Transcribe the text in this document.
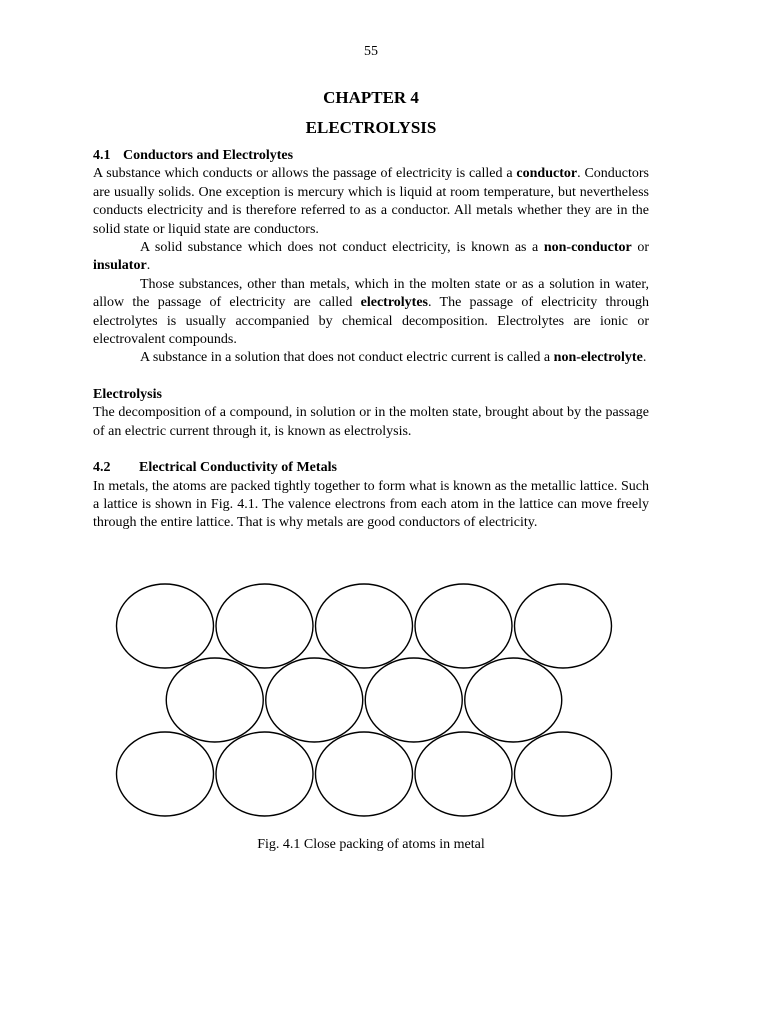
55
CHAPTER 4
ELECTROLYSIS

4.1 Conductors and Electrolytes

A substance which conducts or allows the passage of electricity is called a conductor. Conductors are usually solids. One exception is mercury which is liquid at room temperature, but nevertheless conducts electricity and is therefore referred to as a conductor. All metals whether they are in the solid state or liquid state are conductors.

A solid substance which does not conduct electricity, is known as a non-conductor or insulator.

Those substances, other than metals, which in the molten state or as a solution in water, allow the passage of electricity are called electrolytes. The passage of electricity through electrolytes is usually accompanied by chemical decomposition. Electrolytes are ionic or electrovalent compounds.

A substance in a solution that does not conduct electric current is called a non-electrolyte.

Electrolysis

The decomposition of a compound, in solution or in the molten state, brought about by the passage of an electric current through it, is known as electrolysis.

4.2 Electrical Conductivity of Metals

In metals, the atoms are packed tightly together to form what is known as the metallic lattice. Such a lattice is shown in Fig. 4.1. The valence electrons from each atom in the lattice can move freely through the entire lattice. That is why metals are good conductors of electricity.

Fig. 4.1 Close packing of atoms in metal
